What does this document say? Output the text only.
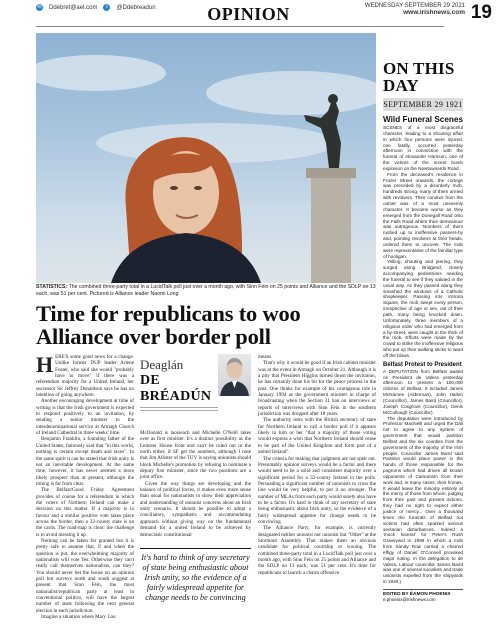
✉ Ddebret@ael.com	t	@Ddebreadun	OPINION	WEDNESDAY SEPTEMBER 29 2021
www.irishnews.com 19
STATISTICS: The combined three-party total in a LucidTalk poll just over a month ago, with Sinn Féin on 25 points and Alliance and the SDLP on 13 each, was 51 per cent. Pictured is Alliance leader Naomi Long
Time for republicans to woo Alliance over border poll
H ERE'S some good news for a change. Unlike former DUP leader Arlene Foster, who said she would "probably have to move" if there was a referendum majority for a United Ireland, her successor Sir Jeffrey Donaldson says he has no intention of going anywhere.

Another encouraging development at time of writing is that the Irish government is expected to respond positively to an invitation, by sending a senior minister to the interdenominational service at Armagh Church of Ireland Cathedral in three weeks' time.

Benjamin Franklin, a founding father of the United States, famously said that "in this world, nothing is certain except death and taxes". In the same spirit it can be stated that Irish unity is not an inevitable development. At the same time, however, it has never seemed a more likely prospect than at present, although the timing is far from clear.

The Belfast/Good Friday Agreement provides of course for a referendum in which the voters of Northern Ireland can make a decision on this matter. If a majority is in favour and a similar positive vote takes place across the border, then a 32-county state is on the cards. The road-map is clear: the challenge is to avoid messing it up.

Nothing can be taken for granted but it is pretty safe to assume that, if and when the question is put, the overwhelming majority of nationalists will vote Yes. Otherwise they can't really call themselves nationalists, can they? You should never bet the house on an opinion poll but surveys north and south suggest at present that Sinn Féin, the most nationalist/republican party at least in conventional politics, will have the largest number of seats following the next general election in each jurisdiction.

Imagine a situation where Mary Lou

Deaglán
DE BRÉADÚN

McDonald is taoiseach and Michelle O'Neill takes over as first minister. It's a distinct possibility as the Leinster House front and can't be ruled out in the north either, if SF get the numbers, although I note that Jim Allister of the TUV is saying unionists should block Michelle's promotion by refusing to nominate a deputy first minister, since the two positions are a joint office.

Given the way things are developing and the balance of political forces, it makes even more sense than usual for nationalists to show their appreciation and understanding of unionist concerns about an Irish unity scenario. It should be possible to adopt a conciliatory, sympathetic and accommodating approach without giving way on the fundamental demand for a united Ireland to be achieved by democratic constitutional

It's hard to think of any secretary of state being enthusiastic about Irish unity, so the evidence of a fairly widespread appetite for change needs to be convincing

means.

That's why it would be good if an Irish cabinet minister was at the event in Armagh on October 21. Although it is a pity that President Higgins turned down the invitation, he has certainly done his bit for the peace process in the past. One thinks for example of his courageous role in January 1994 as the government minister in charge of broadcasting when the Section 31 ban on interviews or reports of interviews with Sinn Féin in the southern jurisdiction was dropped after 18 years.

The authority rests with the British secretary of state for Northern Ireland to call a border poll if it appears likely to him or her "that a majority of those voting would express a wish that Northern Ireland should cease to be part of the United Kingdom and form part of a united Ireland".

The criteria for making that judgment are not spelt out. Presumably opinion surveys would be a factor and there would need to be a solid and consistent majority over a significant period for a 32-county Ireland in the polls. Persuading a significant number of unionists to cross the line would be very helpful, to put it no stronger. The number of MLAs from each party would surely also have to be a factor. It's hard to think of any secretary of state being enthusiastic about Irish unity, so the evidence of a fairly widespread appetite for change needs to be convincing.

The Alliance Party, for example, is currently designated neither unionist nor unionist but "Other" at the Stormont Assembly. That makes them an obvious candidate for political courtship or wooing. The combined three-party total in a LucidTalk poll just over a month ago, with Sinn Féin on 25 points and Alliance and the SDLP on 13 each, was 51 per cent. It's time for republicans to launch a charm offensive.

ON THIS
DAY
SEPTEMBER 29 1921
Wild Funeral Scenes

SCENES of a most disgraceful character, leading to a shooting affair in which four persons were injured, one fatally, occurred yesterday afternoon in connection with the funeral of Alexander Harrison, one of the victims of the recent bomb explosion on the Newtownards Road.

From the deceased's residence in Frazer Street onwards, the cortege was preceded by a disorderly mob, hundreds strong, many of them armed with revolvers. Their conduct from the outset was of a most unseemly character. It became worse as they emerged from the Donegall Road onto the Falls Road where their demeanour was outrageous. Numbers of them rushed up to inoffensive passers-by and, pointing revolvers at their heads, ordered them to uncover. The mob were representative of the familiar type of hooligan.

Yelling, shouting and jeering, they surged along Bridgend, closely accompanying pedestrians needing the funeral to see if they saluted in the usual way. As they passed along they smashed the windows of a Catholic shopkeeper. Passing into Victoria Square, the mob swept every person, irrespective of age or sex, out of their path, many being knocked down. Unfortunately, three members of a religious order who had emerged from a by-street, were caught in the thick of the mob. Efforts were made by the crowd to strike the inoffensive religious who put up their walking sticks to ward off the blows.

Belfast Protest to President

A DEPUTATION from Belfast waited on President de Valera yesterday afternoon to present a 100,000 citizens of Belfast. It included James McNamee (Alderman), John Harkin (Councillor), James Baird (Councillor), Joseph Cosgrove (Councillor), Denis McCullough (Councillor).

The deputation were introduced by Professor MacNeill and urged the Dáil not to agree to any system of government that would partition Belfast and the six counties from the government of the majority of the Irish people. Councillor James Baird said Partition would place power in the hands of those responsible for the pogroms which had driven all known opponents of Carsonism from their work and, in many cases, their homes. It would leave the minority entirely at the mercy of those from whom, judging from their past and present actions, they had no right to expect either justice or mercy... Over a thousand times the funerals of Belfast riot victims had often sparked serious sectarian disturbances. Indeed a 'mock funeral' for Peter's Rush Graveyard in 1898 in which a mob from Sandy Row carried a charred effigy of Daniel O'Connell provoked major rioting. In the delegation to de Valera, Labour councillor James Baird was one of several socialists and trade unionists expelled from the shipyards in 1920.)

EDITED BY ÉAMON PHOENIX
e.phoenix@irishnews.com
